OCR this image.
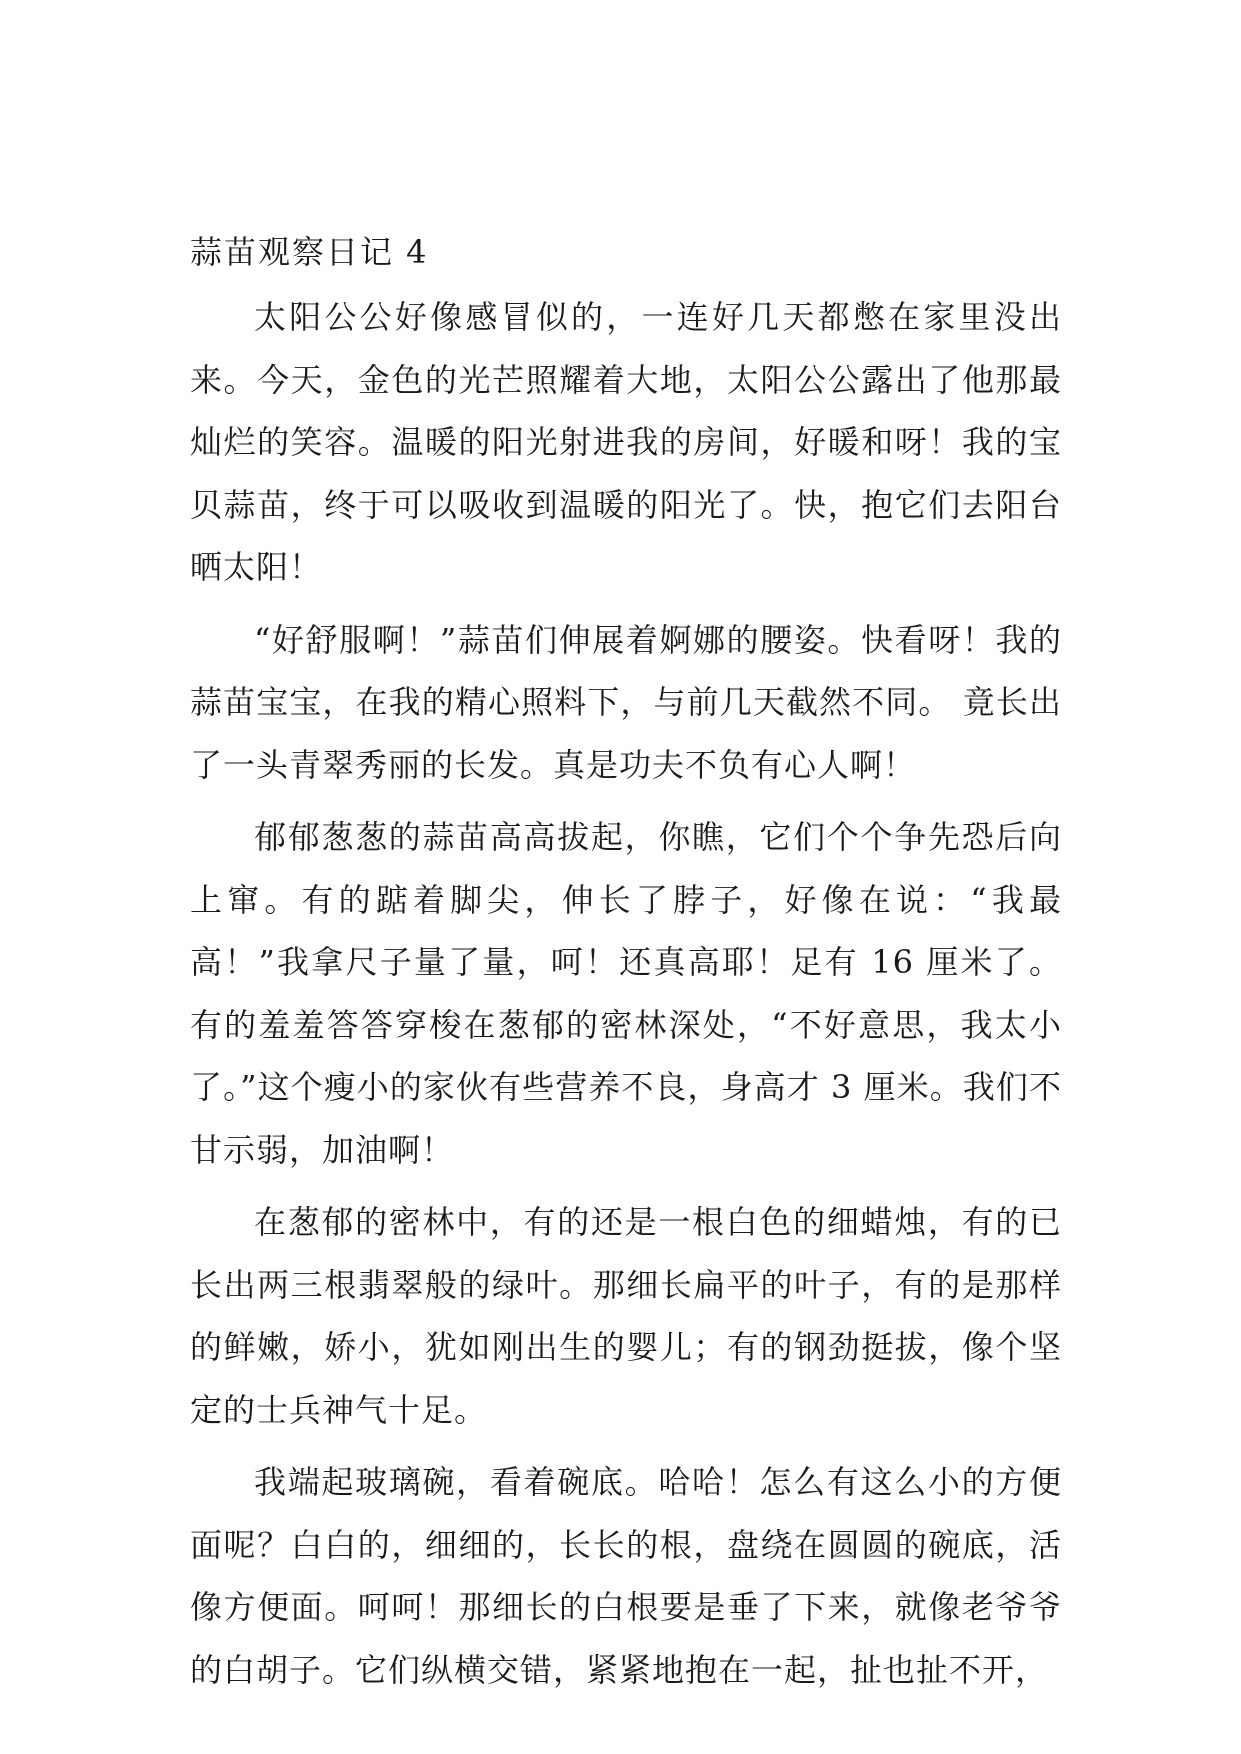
蒜苗观察日记 4

太阳公公好像感冒似的，一连好几天都憋在家里没出来。今天，金色的光芒照耀着大地，太阳公公露出了他那最灿烂的笑容。温暖的阳光射进我的房间，好暖和呀！我的宝贝蒜苗，终于可以吸收到温暖的阳光了。快，抱它们去阳台晒太阳！

“好舒服啊！”蒜苗们伸展着婀娜的腰姿。快看呀！我的蒜苗宝宝，在我的精心照料下，与前几天截然不同。 竟长出了一头青翠秀丽的长发。真是功夫不负有心人啊！

郁郁葱葱的蒜苗高高拔起，你瞧，它们个个争先恐后向上窜。有的踮着脚尖，伸长了脖子，好像在说：“我最高！”我拿尺子量了量，呵！还真高耶！足有 16 厘米了。有的羞羞答答穿梭在葱郁的密林深处，“不好意思，我太小了。”这个瘦小的家伙有些营养不良，身高才 3 厘米。我们不甘示弱，加油啊！

在葱郁的密林中，有的还是一根白色的细蜡烛，有的已长出两三根翡翠般的绿叶。那细长扁平的叶子，有的是那样的鲜嫩，娇小，犹如刚出生的婴儿；有的钢劲挺拔，像个坚定的士兵神气十足。

我端起玻璃碗，看着碗底。哈哈！怎么有这么小的方便面呢？白白的，细细的，长长的根，盘绕在圆圆的碗底，活像方便面。呵呵！那细长的白根要是垂了下来，就像老爷爷的白胡子。它们纵横交错，紧紧地抱在一起，扯也扯不开，
